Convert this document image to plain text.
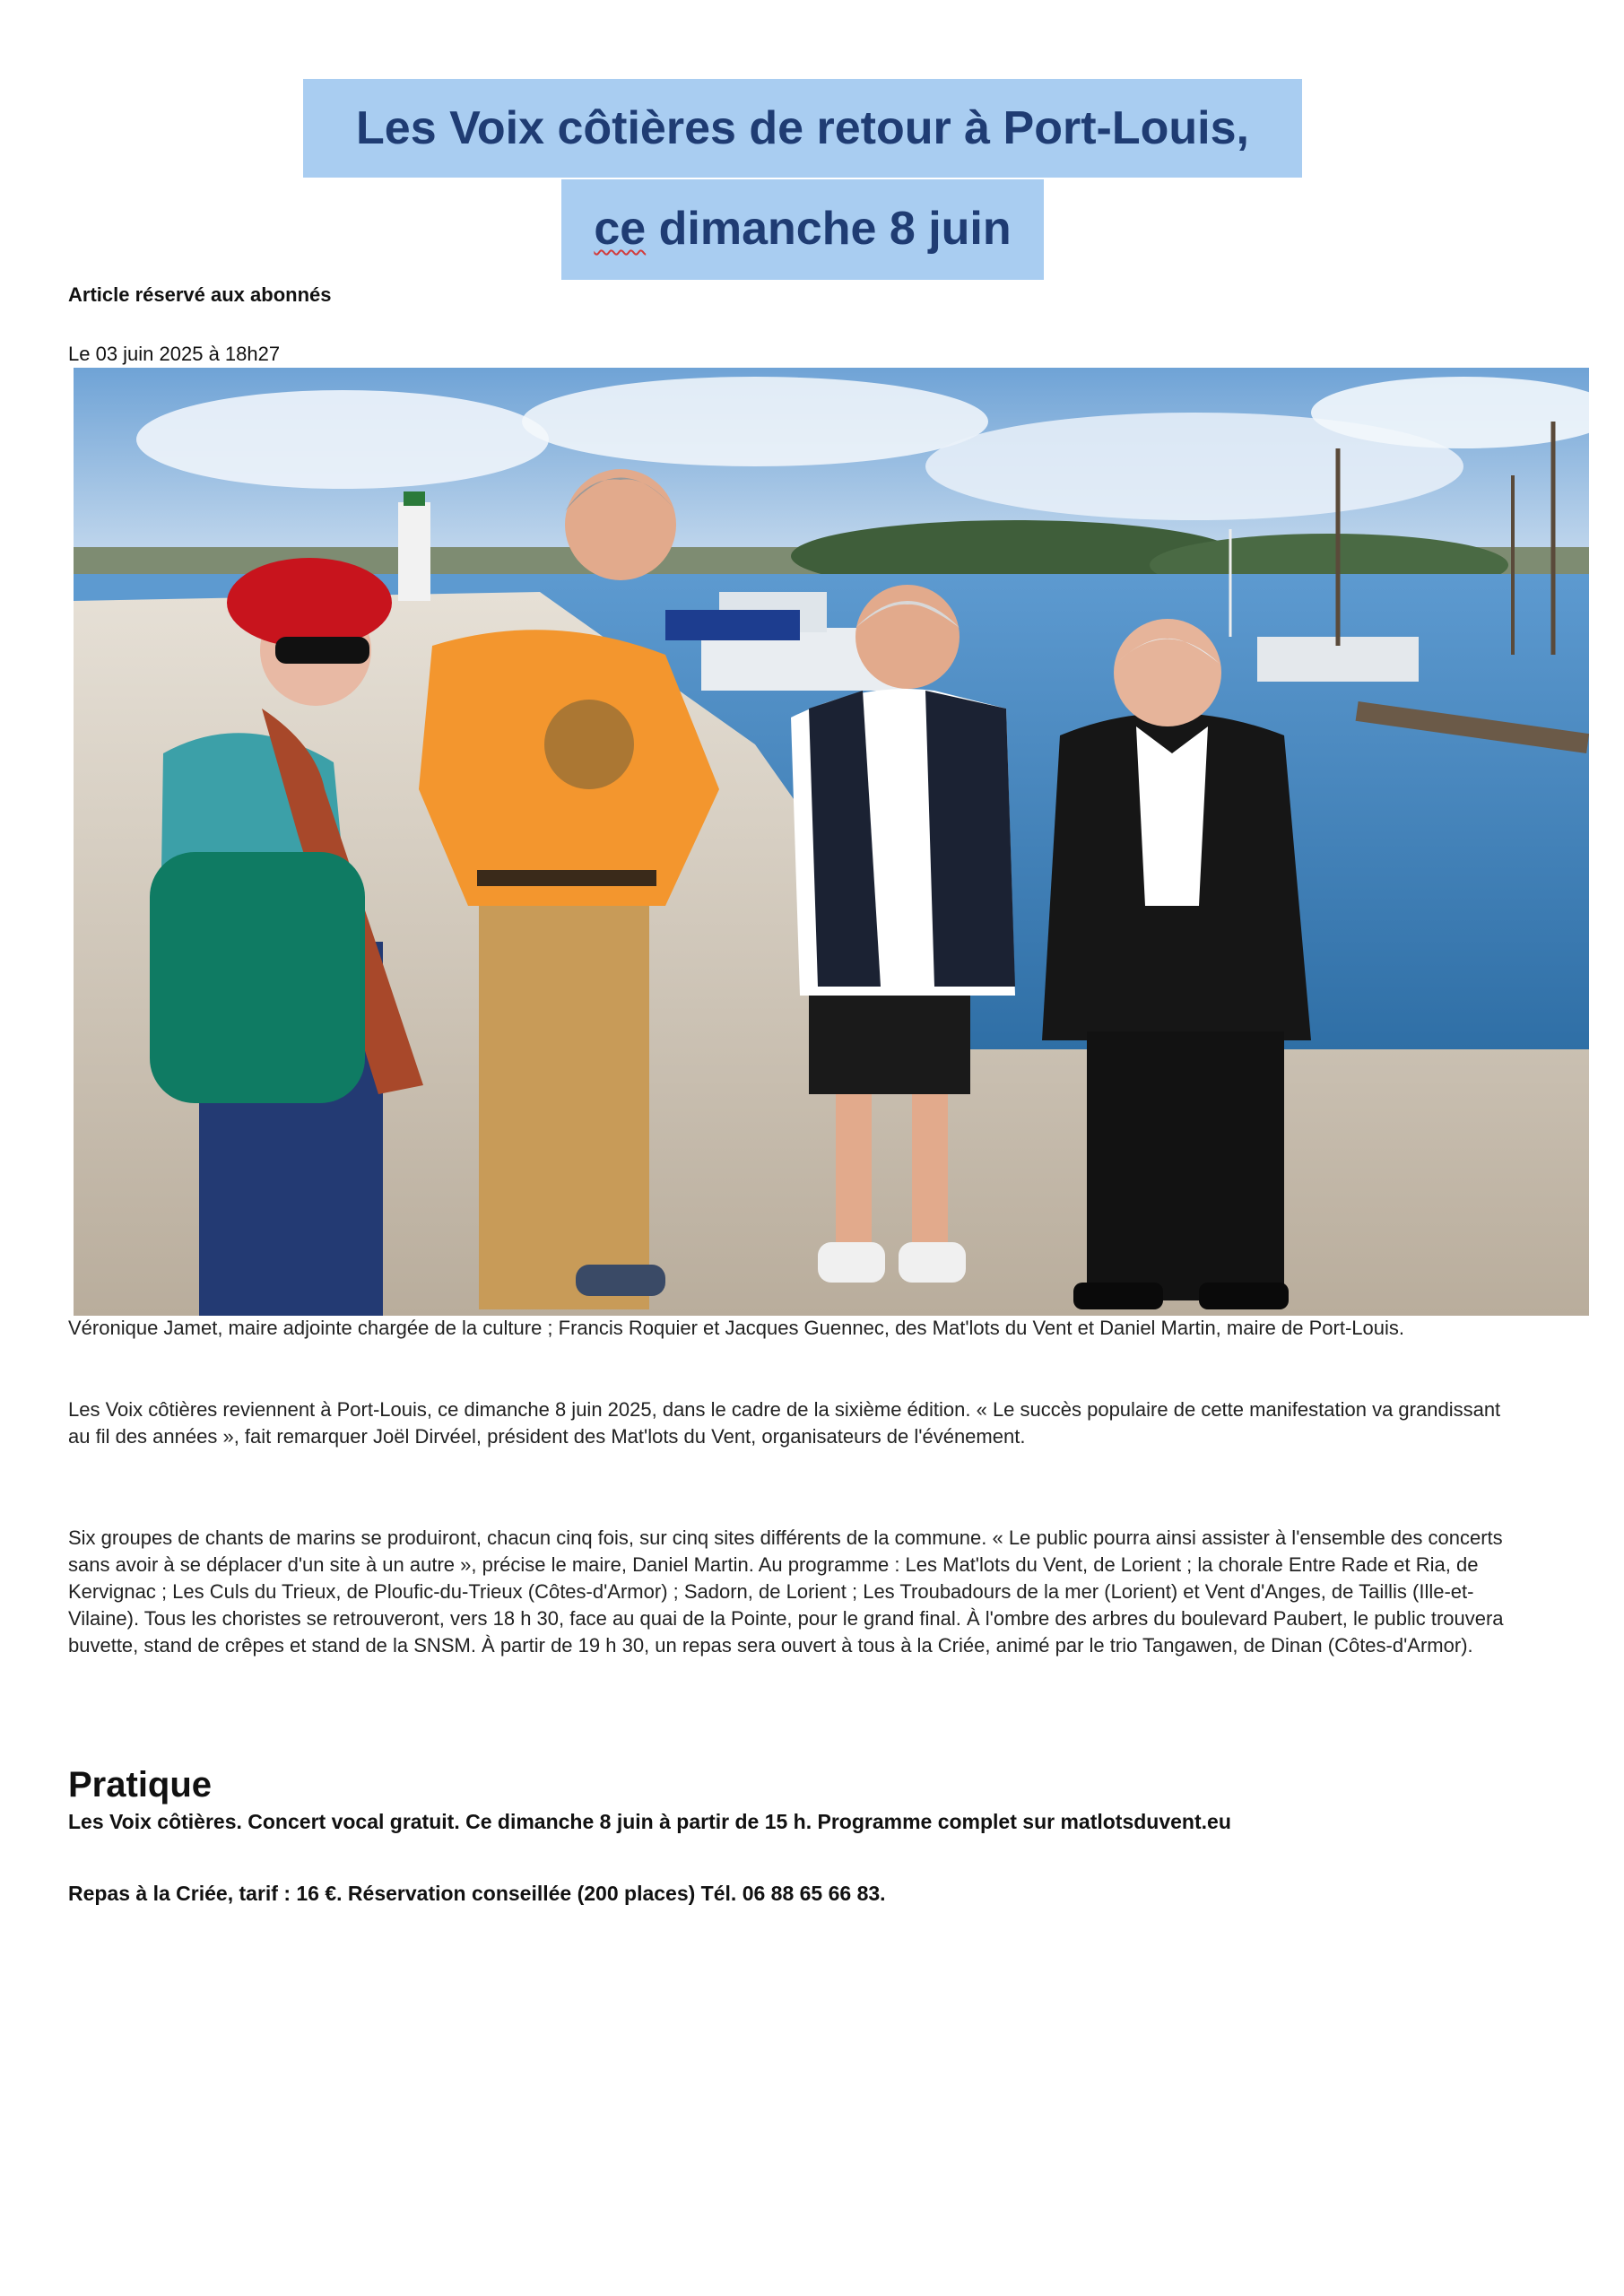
Les Voix côtières de retour à Port-Louis,
ce dimanche 8 juin
Article réservé aux abonnés
Le 03 juin 2025 à 18h27

Véronique Jamet, maire adjointe chargée de la culture ; Francis Roquier et Jacques Guennec, des Mat'lots du Vent et Daniel Martin, maire de Port-Louis.

Les Voix côtières reviennent à Port-Louis, ce dimanche 8 juin 2025, dans le cadre de la sixième édition. « Le succès populaire de cette manifestation va grandissant au fil des années », fait remarquer Joël Dirvéel, président des Mat'lots du Vent, organisateurs de l'événement.

Six groupes de chants de marins se produiront, chacun cinq fois, sur cinq sites différents de la commune. « Le public pourra ainsi assister à l'ensemble des concerts sans avoir à se déplacer d'un site à un autre », précise le maire, Daniel Martin. Au programme : Les Mat'lots du Vent, de Lorient ; la chorale Entre Rade et Ria, de Kervignac ; Les Culs du Trieux, de Ploufic-du-Trieux (Côtes-d'Armor) ; Sadorn, de Lorient ; Les Troubadours de la mer (Lorient) et Vent d'Anges, de Taillis (Ille-et-Vilaine). Tous les choristes se retrouveront, vers 18 h 30, face au quai de la Pointe, pour le grand final. À l'ombre des arbres du boulevard Paubert, le public trouvera buvette, stand de crêpes et stand de la SNSM. À partir de 19 h 30, un repas sera ouvert à tous à la Criée, animé par le trio Tangawen, de Dinan (Côtes-d'Armor).

Pratique

Les Voix côtières. Concert vocal gratuit. Ce dimanche 8 juin à partir de 15 h. Programme complet sur matlotsduvent.eu

Repas à la Criée, tarif : 16 €. Réservation conseillée (200 places) Tél. 06 88 65 66 83.
